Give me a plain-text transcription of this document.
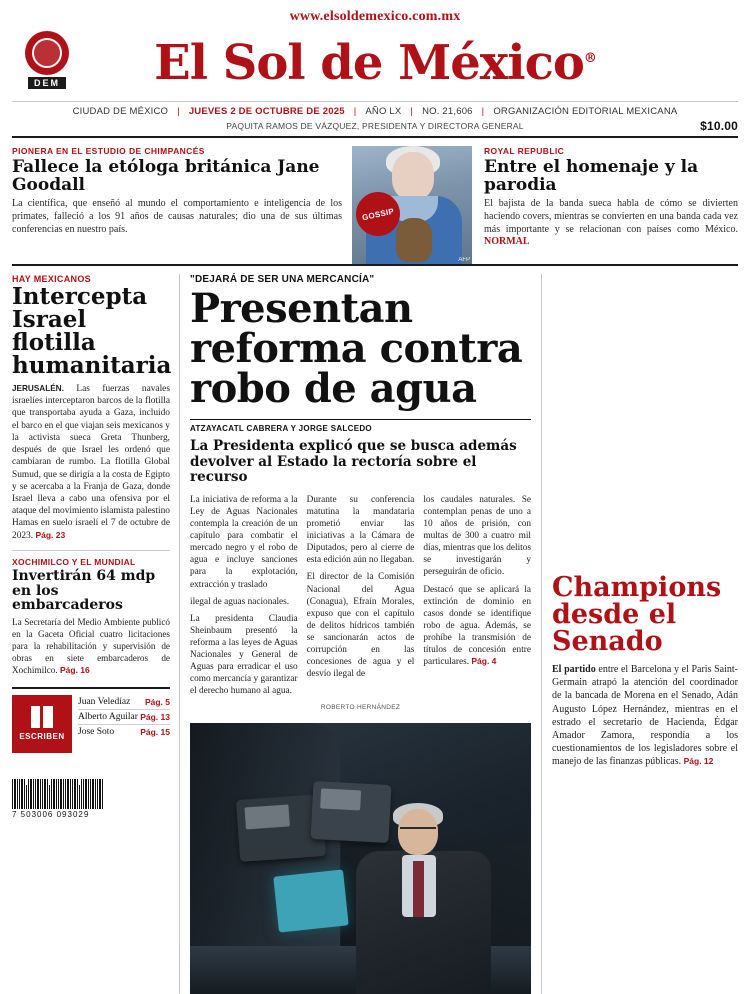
www.elsoldemexico.com.mx
DEM El Sol de México®
CIUDAD DE MÉXICO | JUEVES 2 DE OCTUBRE DE 2025 | AÑO LX | NO. 21,606 | ORGANIZACIÓN EDITORIAL MEXICANA
PAQUITA RAMOS DE VÁZQUEZ, PRESIDENTA Y DIRECTORA GENERAL	$10.00
PIONERA EN EL ESTUDIO DE CHIMPANCÉS
Fallece la etóloga británica Jane Goodall
La científica, que enseñó al mundo el comportamiento e inteligencia de los primates, falleció a los 91 años de causas naturales; dio una de sus últimas conferencias en nuestro país.
GOSSIP
AFP
ROYAL REPUBLIC
Entre el homenaje y la parodia
El bajista de la banda sueca habla de cómo se divierten haciendo covers, mientras se convierten en una banda cada vez más importante y se relacionan con países como México. NORMAL
HAY MEXICANOS
Intercepta Israel flotilla humanitaria
JERUSALÉN. Las fuerzas navales israelíes interceptaron barcos de la flotilla que transportaba ayuda a Gaza, incluido el barco en el que viajan seis mexicanos y la activista sueca Greta Thunberg, después de que Israel les ordenó que cambiaran de rumbo. La flotilla Global Sumud, que se dirigía a la costa de Egipto y se acercaba a la Franja de Gaza, donde Israel lleva a cabo una ofensiva por el ataque del movimiento islamista palestino Hamas en suelo israelí el 7 de octubre de 2023. Pág. 23
XOCHIMILCO Y EL MUNDIAL
Invertirán 64 mdp en los embarcaderos
La Secretaría del Medio Ambiente publicó en la Gaceta Oficial cuatro licitaciones para la rehabilitación y supervisión de obras en siete embarcaderos de Xochimilco. Pág. 16
ESCRIBEN
Juan Veledíaz Pág. 5
Alberto Aguilar Pág. 13
Jose Soto	Pág. 15
7 503006 093029
"DEJARÁ DE SER UNA MERCANCÍA"
Presentan reforma contra robo de agua
ATZAYACATL CABRERA Y JORGE SALCEDO
La Presidenta explicó que se busca además devolver al Estado la rectoría sobre el recurso

La iniciativa de reforma a la Ley de Aguas Nacionales contempla la creación de un capítulo para combatir el mercado negro y el robo de agua e incluye sanciones para la explotación, extracción y traslado

ilegal de aguas nacionales.

La presidenta Claudia Sheinbaum presentó la reforma a las leyes de Aguas Nacionales y General de Aguas para erradicar el uso como mercancía y garantizar el derecho humano al agua.

Durante su conferencia matutina la mandataria prometió enviar las iniciativas a la Cámara de Diputados, pero al cierre de esta edición aún no llegaban.

El director de la Comisión Nacional del Agua (Conagua), Efraín Morales, expuso que con el capítulo de delitos hídricos también se sancionarán actos de corrupción en las concesiones de agua y el desvío ilegal de

los caudales naturales. Se contemplan penas de uno a 10 años de prisión, con multas de 300 a cuatro mil días, mientras que los delitos se investigarán y perseguirán de oficio.

Destacó que se aplicará la extinción de dominio en casos donde se identifique robo de agua. Además, se prohíbe la transmisión de títulos de concesión entre particulares. Pág. 4

ROBERTO HERNÁNDEZ
Champions desde el Senado
El partido entre el Barcelona y el Paris Saint-Germain atrapó la atención del coordinador de la bancada de Morena en el Senado, Adán Augusto López Hernández, mientras en el estrado el secretario de Hacienda, Édgar Amador Zamora, respondía a los cuestionamientos de los legisladores sobre el manejo de las finanzas públicas. Pág. 12
